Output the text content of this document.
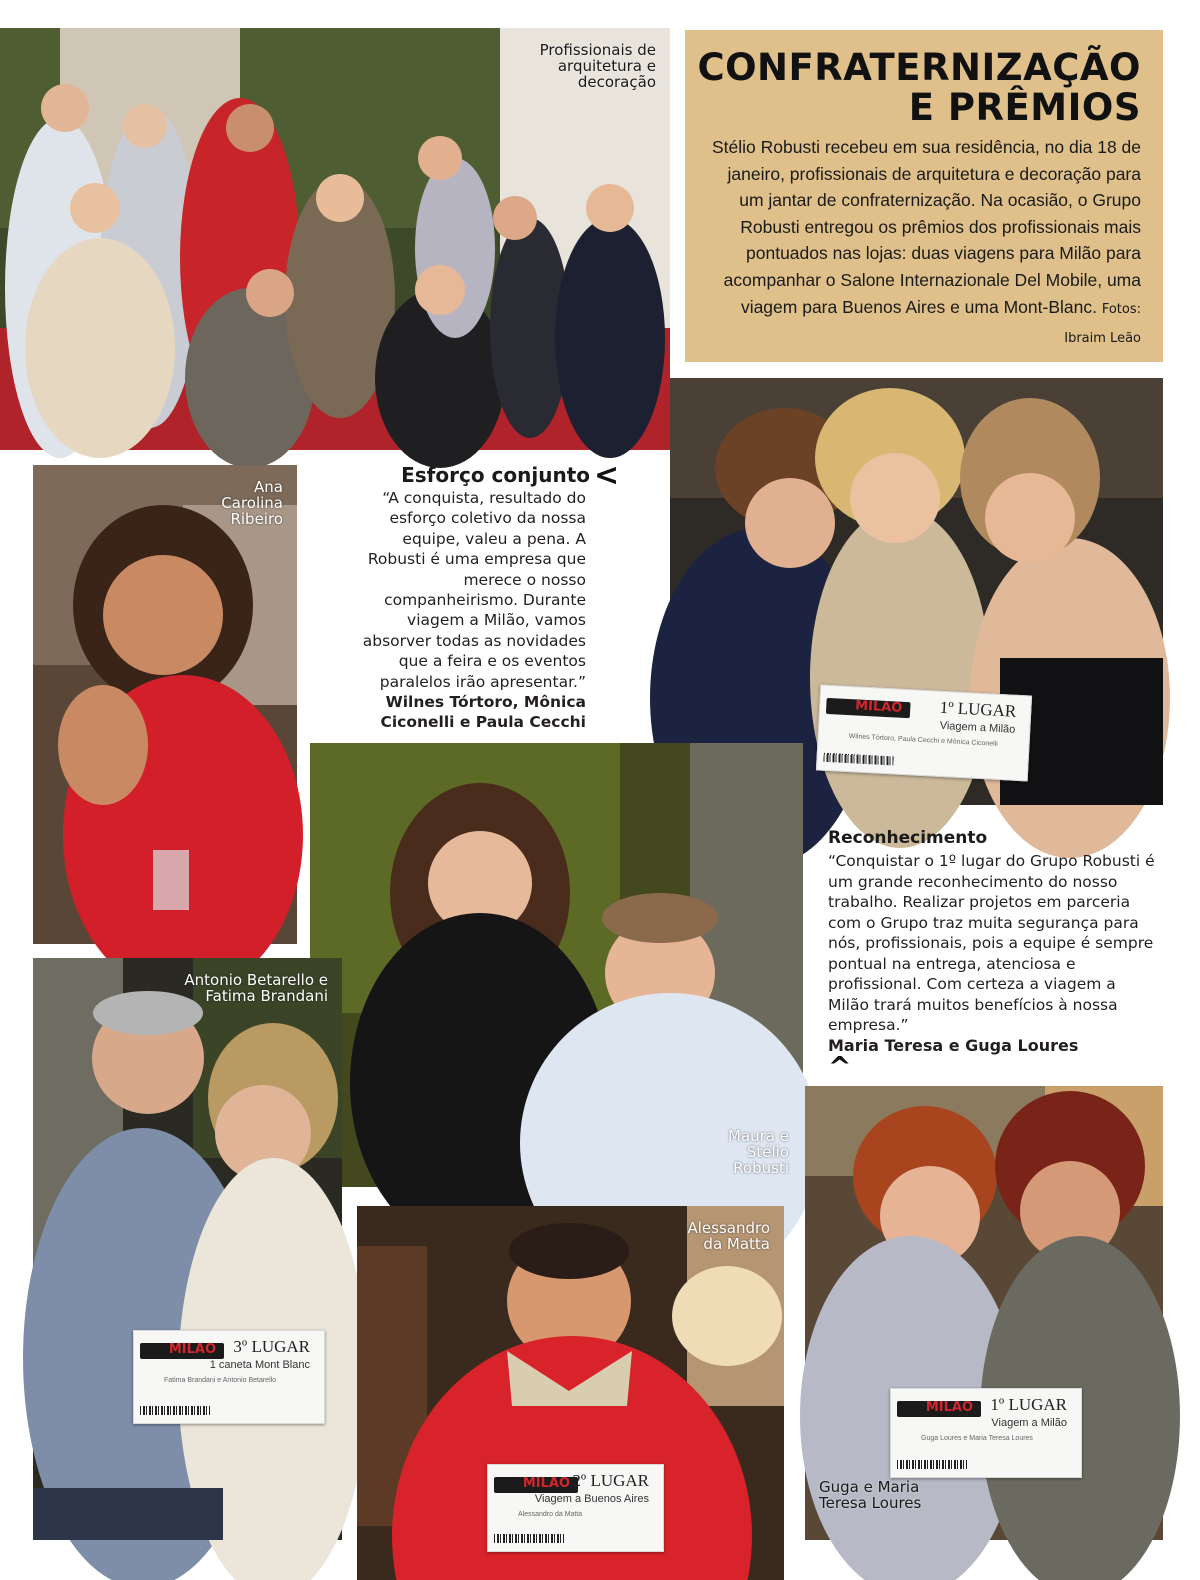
Profissionais de arquitetura e decoração CONFRATERNIZAÇÃO
E PRÊMIOS
Stélio Robusti recebeu em sua residência, no dia 18 de janeiro, profissionais de arquitetura e decoração para um jantar de confraternização. Na ocasião, o Grupo Robusti entregou os prêmios dos profissionais mais pontuados nas lojas: duas viagens para Milão para acompanhar o Salone Internazionale Del Mobile, uma viagem para Buenos Aires e uma Mont-Blanc. Fotos: Ibraim Leão
MILAO 1º LUGAR
Viagem a Milão
Wilnes Tórtoro, Paula Cecchi e Mônica Ciconelli
Ana Carolina Ribeiro
Esforço conjunto <
“A conquista, resultado do esforço coletivo da nossa equipe, valeu a pena. A Robusti é uma empresa que merece o nosso companheirismo. Durante viagem a Milão, vamos absorver todas as novidades que a feira e os eventos paralelos irão apresentar.”
Wilnes Tórtoro, Mônica Ciconelli e Paula Cecchi
Maura e Stélio Robusti
Reconhecimento
“Conquistar o 1º lugar do Grupo Robusti é um grande reconhecimento do nosso trabalho. Realizar projetos em parceria com o Grupo traz muita segurança para nós, profissionais, pois a equipe é sempre pontual na entrega, atenciosa e profissional. Com certeza a viagem a Milão trará muitos benefícios à nossa empresa.”
Maria Teresa e Guga Loures
^
MILAO 3º LUGAR
1 caneta Mont Blanc
Fatima Brandani e Antonio Betarello
Antonio Betarello e Fatima Brandani
MILAO 2º LUGAR
Viagem a Buenos Aires
Alessandro da Matta
Alessandro da Matta
MILAO 1º LUGAR
Viagem a Milão
Guga Loures e Maria Teresa Loures
Guga e Maria Teresa Loures
